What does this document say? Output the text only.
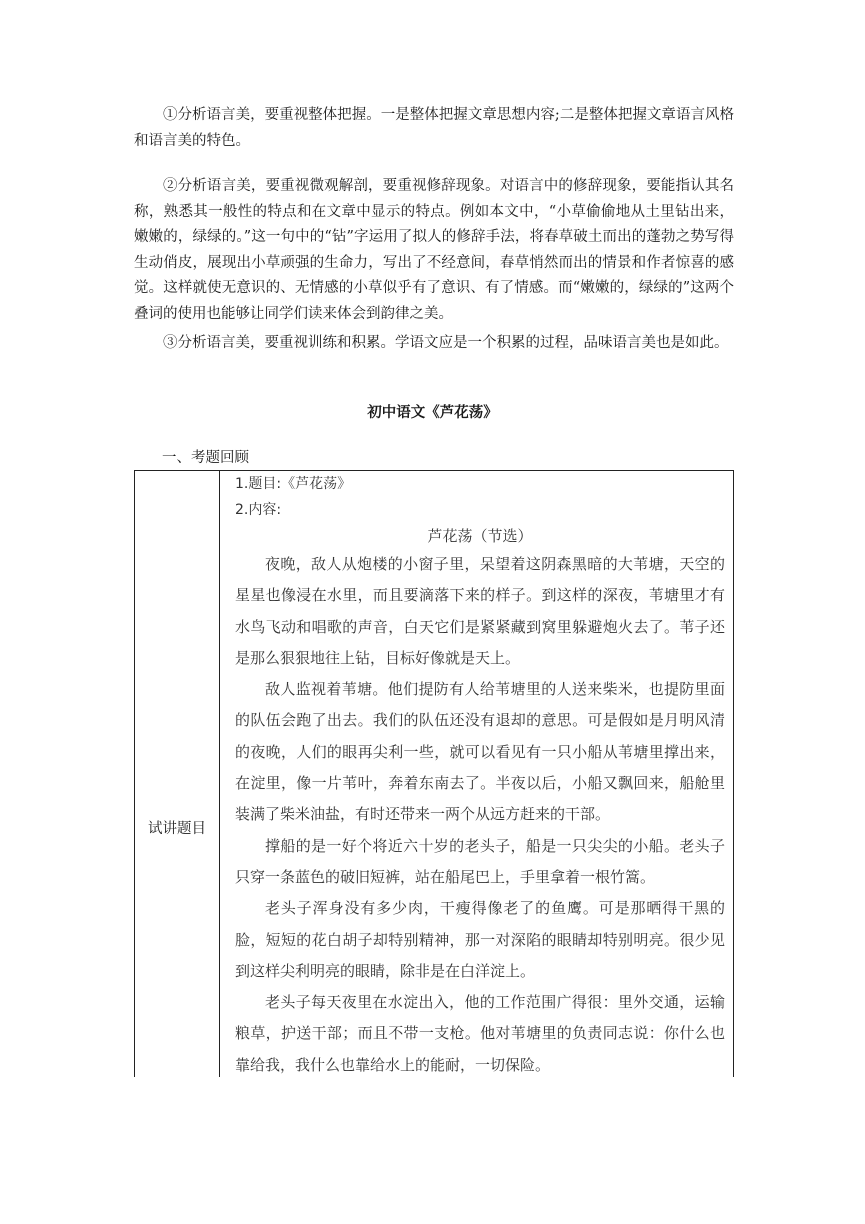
①分析语言美，要重视整体把握。一是整体把握文章思想内容;二是整体把握文章语言风格和语言美的特色。

②分析语言美，要重视微观解剖，要重视修辞现象。对语言中的修辞现象，要能指认其名称，熟悉其一般性的特点和在文章中显示的特点。例如本文中，“小草偷偷地从土里钻出来，嫩嫩的，绿绿的。”这一句中的“钻”字运用了拟人的修辞手法，将春草破土而出的蓬勃之势写得生动俏皮，展现出小草顽强的生命力，写出了不经意间，春草悄然而出的情景和作者惊喜的感觉。这样就使无意识的、无情感的小草似乎有了意识、有了情感。而“嫩嫩的，绿绿的”这两个叠词的使用也能够让同学们读来体会到韵律之美。

③分析语言美，要重视训练和积累。学语文应是一个积累的过程，品味语言美也是如此。

初中语文《芦花荡》

一、考题回顾

试讲题目

1.题目:《芦花荡》

2.内容:

芦花荡（节选）

夜晚，敌人从炮楼的小窗子里，呆望着这阴森黑暗的大苇塘，天空的星星也像浸在水里，而且要滴落下来的样子。到这样的深夜，苇塘里才有水鸟飞动和唱歌的声音，白天它们是紧紧藏到窝里躲避炮火去了。苇子还是那么狠狠地往上钻，目标好像就是天上。

敌人监视着苇塘。他们提防有人给苇塘里的人送来柴米，也提防里面的队伍会跑了出去。我们的队伍还没有退却的意思。可是假如是月明风清的夜晚，人们的眼再尖利一些，就可以看见有一只小船从苇塘里撑出来，在淀里，像一片苇叶，奔着东南去了。半夜以后，小船又飘回来，船舱里装满了柴米油盐，有时还带来一两个从远方赶来的干部。

撑船的是一好个将近六十岁的老头子，船是一只尖尖的小船。老头子只穿一条蓝色的破旧短裤，站在船尾巴上，手里拿着一根竹篙。

老头子浑身没有多少肉，干瘦得像老了的鱼鹰。可是那晒得干黑的脸，短短的花白胡子却特别精神，那一对深陷的眼睛却特别明亮。很少见到这样尖利明亮的眼睛，除非是在白洋淀上。

老头子每天夜里在水淀出入，他的工作范围广得很：里外交通，运输粮草，护送干部；而且不带一支枪。他对苇塘里的负责同志说：你什么也靠给我，我什么也靠给水上的能耐，一切保险。
